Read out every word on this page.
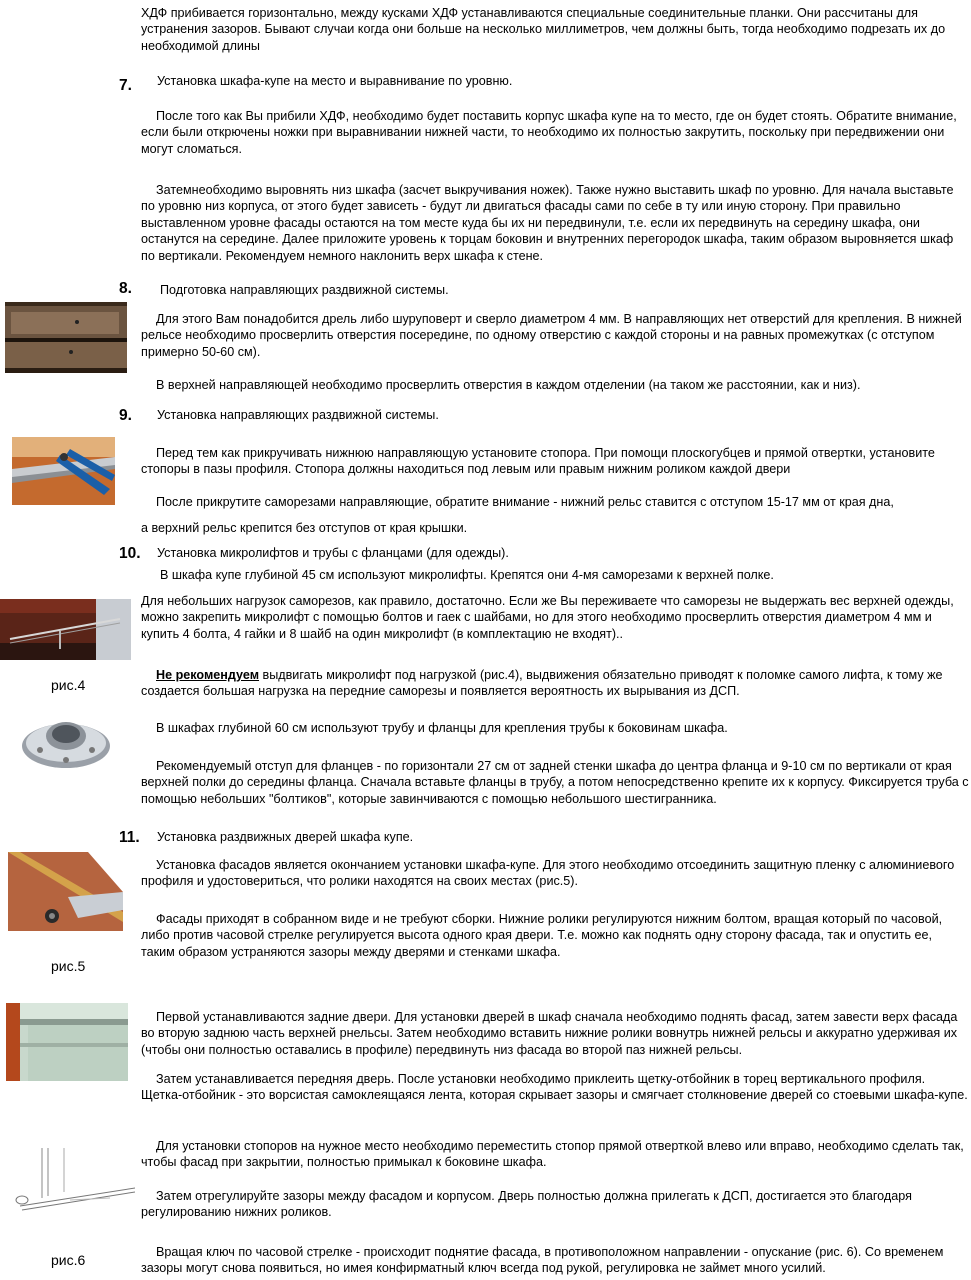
ХДФ прибивается горизонтально, между кусками ХДФ устанавливаются специальные соединительные планки. Они рассчитаны для устранения зазоров. Бывают случаи когда они больше на несколько миллиметров, чем должны быть, тогда необходимо подрезать их до необходимой длины

7. Установка шкафа-купе на место и выравнивание по уровню.

После того как Вы прибили ХДФ, необходимо будет поставить корпус шкафа купе на то место, где он будет стоять. Обратите внимание, если были открючены ножки при выравнивании нижней части, то необходимо их полностью закрутить, поскольку при передвижении они могут сломаться.

Затемнеобходимо выровнять низ шкафа (засчет выкручивания ножек). Также нужно выставить шкаф по уровню. Для начала выставьте по уровню низ корпуса, от этого будет зависеть - будут ли двигаться фасады сами по себе в ту или иную сторону. При правильно выставленном уровне фасады остаются на том месте куда бы их ни передвинули, т.е. если их передвинуть на середину шкафа, они останутся на середине. Далее приложите уровень к торцам боковин и внутренних перегородок шкафа, таким образом выровняется шкаф по вертикали. Рекомендуем немного наклонить верх шкафа к стене.

8. Подготовка направляющих раздвижной системы.

Для этого Вам понадобится дрель либо шуруповерт и сверло диаметром 4 мм. В направляющих нет отверстий для крепления. В нижней рельсе необходимо просверлить отверстия посередине, по одному отверстию с каждой стороны и на равных промежутках (с отступом примерно 50-60 см).

В верхней направляющей необходимо просверлить отверстия в каждом отделении (на таком же расстоянии, как и низ).

9. Установка направляющих раздвижной системы.

Перед тем как прикручивать нижнюю направляющую установите стопора. При помощи плоскогубцев и прямой отвертки, установите стопоры в пазы профиля. Стопора должны находиться под левым или правым нижним роликом каждой двери

После прикрутите саморезами направляющие, обратите внимание - нижний рельс ставится с отступом 15-17 мм от края дна,

а верхний рельс крепится без отступов от края крышки.

10. Установка микролифтов и трубы с фланцами (для одежды).

В шкафа купе глубиной 45 см используют микролифты. Крепятся они 4-мя саморезами к верхней полке.

Для небольших нагрузок саморезов, как правило, достаточно. Если же Вы переживаете что саморезы не выдержать вес верхней одежды, можно закрепить микролифт с помощью болтов и гаек с шайбами, но для этого необходимо просверлить отверстия диаметром 4 мм и купить 4 болта, 4 гайки и 8 шайб на один микролифт (в комплектацию не входят)..

Не рекомендуем выдвигать микролифт под нагрузкой (рис.4), выдвижения обязательно приводят к поломке самого лифта, к тому же создается большая нагрузка на передние саморезы и появляется вероятность их вырывания из ДСП.

В шкафах глубиной 60 см используют трубу и фланцы для крепления трубы к боковинам шкафа.

Рекомендуемый отступ для фланцев - по горизонтали 27 см от задней стенки шкафа до центра фланца и 9-10 см по вертикали от края верхней полки до середины фланца. Сначала вставьте фланцы в трубу, а потом непосредственно крепите их к корпусу. Фиксируется труба с помощью небольших "болтиков", которые завинчиваются с помощью небольшого шестигранника.

рис.4
11. Установка раздвижных дверей шкафа купе.

Установка фасадов является окончанием установки шкафа-купе. Для этого необходимо отсоединить защитную пленку с алюминиевого профиля и удостовериться, что ролики находятся на своих местах (рис.5).

Фасады приходят в собранном виде и не требуют сборки. Нижние ролики регулируются нижним болтом, вращая который по часовой, либо против часовой стрелке регулируется высота одного края двери. Т.е. можно как поднять одну сторону фасада, так и опустить ее, таким образом устраняются зазоры между дверями и стенками шкафа.

Первой устанавливаются задние двери. Для установки дверей в шкаф сначала необходимо поднять фасад, затем завести верх фасада во вторую заднюю часть верхней рнельсы. Затем необходимо вставить нижние ролики вовнутрь нижней рельсы и аккуратно удерживая их (чтобы они полностью оставались в профиле) передвинуть низ фасада во второй паз нижней рельсы.

Затем устанавливается передняя дверь. После установки необходимо приклеить щетку-отбойник в торец вертикального профиля. Щетка-отбойник - это ворсистая самоклеящаяся лента, которая скрывает зазоры и смягчает столкновение дверей со стоевыми шкафа-купе.

Для установки стопоров на нужное место необходимо переместить стопор прямой отверткой влево или вправо, необходимо сделать так, чтобы фасад при закрытии, полностью примыкал к боковине шкафа.

Затем отрегулируйте зазоры между фасадом и корпусом. Дверь полностью должна прилегать к ДСП, достигается это благодаря регулированию нижних роликов.

Вращая ключ по часовой стрелке - происходит поднятие фасада, в противоположном направлении - опускание (рис. 6). Со временем зазоры могут снова появиться, но имея конфирматный ключ всегда под рукой, регулировка не займет много усилий.

рис.5
рис.6
